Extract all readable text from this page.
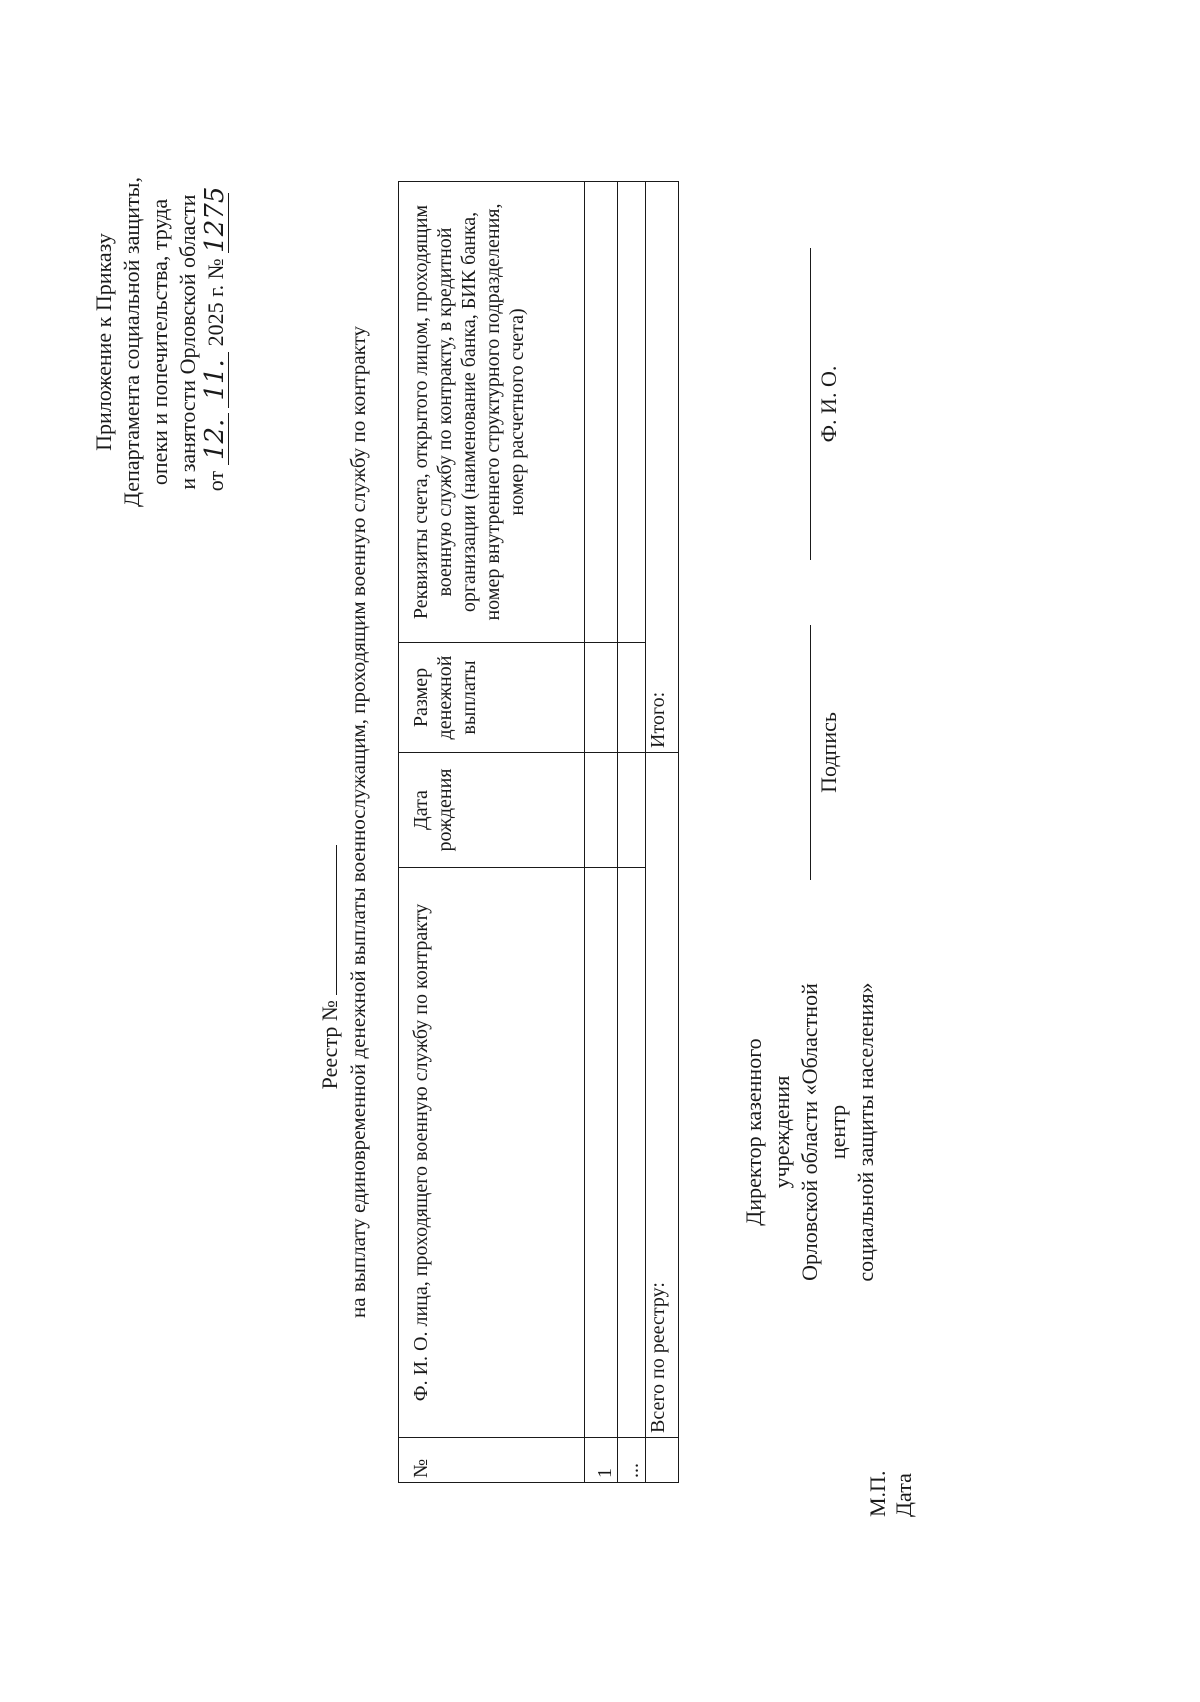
Приложение к Приказу Департамента социальной защиты, опеки и попечительства, труда и занятости Орловской области от 12. 11. 2025 г. № 1275
Реестр № на выплату единовременной денежной выплаты военнослужащим, проходящим военную службу по контракту
№	Ф. И. О. лица, проходящего военную службу по контракту	Дата рождения	Размер денежной выплаты	Реквизиты счета, открытого лицом, проходящим военную службу по контракту, в кредитной организации (наименование банка, БИК банка, номер внутреннего структурного подразделения, номер расчетного счета)
1				
...				
	Всего по реестру:		Итого:	
Директор казенного учреждения Орловской области «Областной центр социальной защиты населения»
Подпись
Ф. И. О.
М.П. Дата
